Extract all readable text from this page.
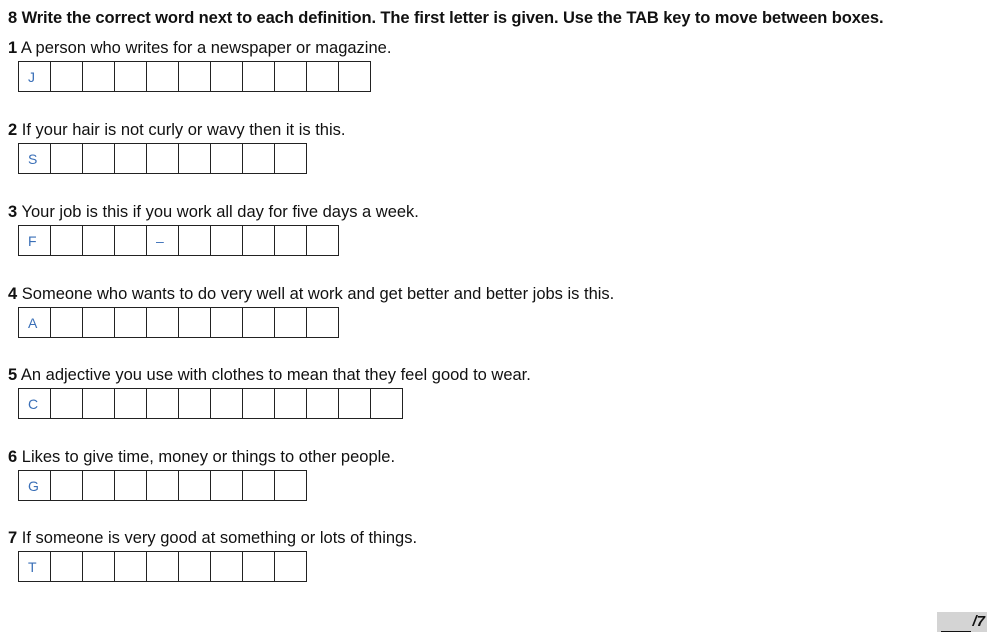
8 Write the correct word next to each definition. The first letter is given. Use the TAB key to move between boxes.
1 A person who writes for a newspaper or magazine.
J
2 If your hair is not curly or wavy then it is this.
S
3 Your job is this if you work all day for five days a week.
F
–
4 Someone who wants to do very well at work and get better and better jobs is this.
A
5 An adjective you use with clothes to mean that they feel good to wear.
C
6 Likes to give time, money or things to other people.
G
7 If someone is very good at something or lots of things.
T
/7
